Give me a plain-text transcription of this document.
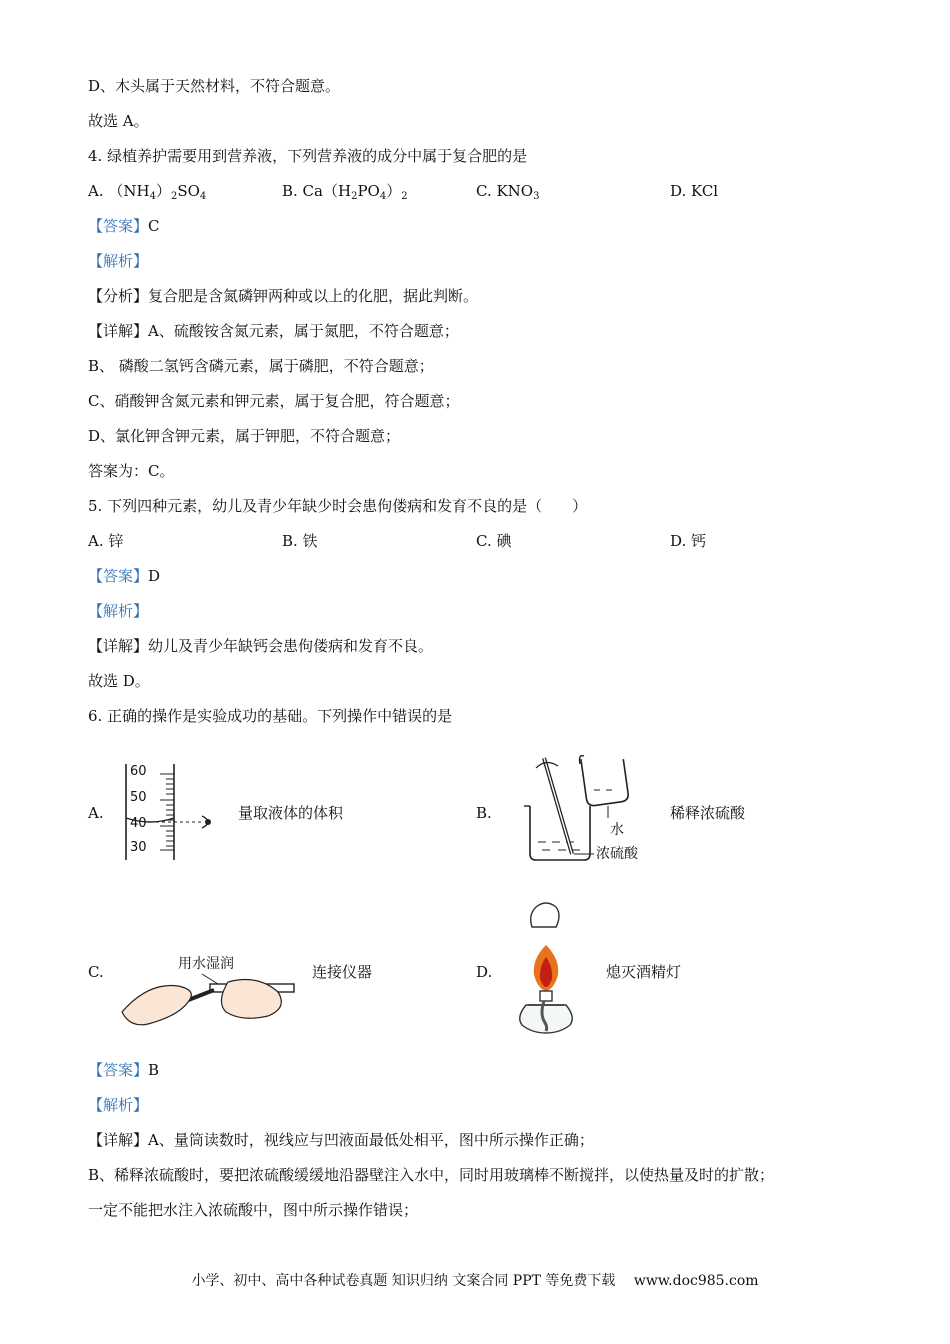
D、木头属于天然材料，不符合题意。
故选 A。
4. 绿植养护需要用到营养液，下列营养液的成分中属于复合肥的是
A. $(NH_4)_2SO_4$	B. $Ca(H_2PO_4)_2$	C. $KNO_3$	D. KCl
【答案】C
【解析】
【分析】复合肥是含氮磷钾两种或以上的化肥，据此判断。
【详解】A、硫酸铵含氮元素，属于氮肥，不符合题意；
B、 磷酸二氢钙含磷元素，属于磷肥，不符合题意；
C、硝酸钾含氮元素和钾元素，属于复合肥，符合题意；
D、氯化钾含钾元素，属于钾肥，不符合题意；
答案为：C。
5. 下列四种元素，幼儿及青少年缺少时会患佝偻病和发育不良的是（　　）
A. 锌	B. 铁	C. 碘	D. 钙
【答案】D
【解析】
【详解】幼儿及青少年缺钙会患佝偻病和发育不良。
故选 D。
6. 正确的操作是实验成功的基础。下列操作中错误的是
A.
60
50
40
30
量取液体的体积	B.
水
浓硫酸
稀释浓硫酸
C.	用水湿润	连接仪器	D.	熄灭酒精灯
【答案】B
【解析】
【详解】A、量筒读数时，视线应与凹液面最低处相平，图中所示操作正确；
B、稀释浓硫酸时，要把浓硫酸缓缓地沿器壁注入水中，同时用玻璃棒不断搅拌，以使热量及时的扩散；
一定不能把水注入浓硫酸中，图中所示操作错误；
小学、初中、高中各种试卷真题 知识归纳 文案合同 PPT 等免费下载　 www.doc985.com
